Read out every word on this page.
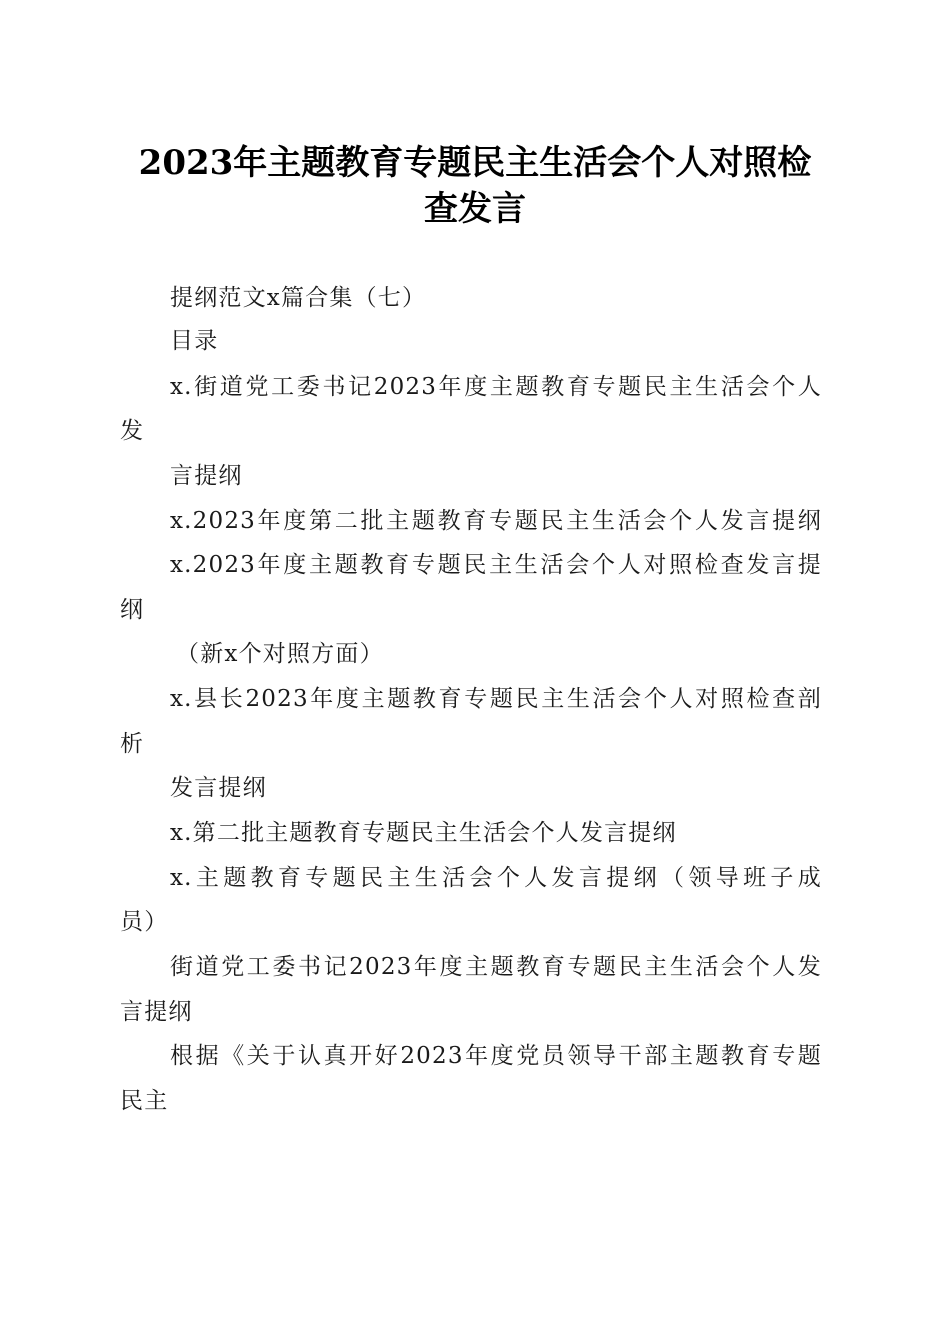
2023年主题教育专题民主生活会个人对照检
查发言
提纲范文x篇合集（七）
目录
x.街道党工委书记2023年度主题教育专题民主生活会个人
发
言提纲
x.2023年度第二批主题教育专题民主生活会个人发言提纲
x.2023年度主题教育专题民主生活会个人对照检查发言提
纲
（新x个对照方面）
x.县长2023年度主题教育专题民主生活会个人对照检查剖
析
发言提纲
x.第二批主题教育专题民主生活会个人发言提纲
x.主题教育专题民主生活会个人发言提纲（领导班子成
员）
街道党工委书记2023年度主题教育专题民主生活会个人发
言提纲
根据《关于认真开好2023年度党员领导干部主题教育专题
民主
